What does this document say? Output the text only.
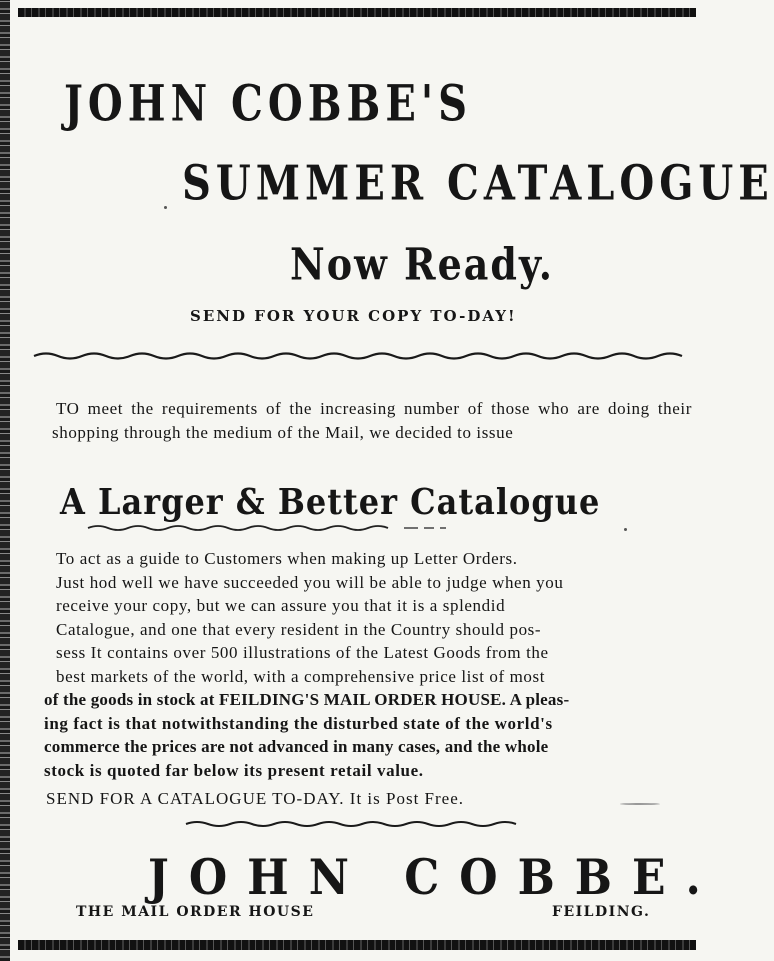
JOHN COBBE'S
SUMMER CATALOGUE
Now Ready.
SEND FOR YOUR COPY TO-DAY!
TO meet the requirements of the increasing number of those who are doing their shopping through the medium of the Mail, we decided to issue
A Larger & Better Catalogue
To act as a guide to Customers when making up Letter Orders.
Just hod well we have succeeded you will be able to judge when you
receive your copy, but we can assure you that it is a splendid
Catalogue, and one that every resident in the Country should pos-
sess It contains over 500 illustrations of the Latest Goods from the
best markets of the world, with a comprehensive price list of most
of the goods in stock at FEILDING'S MAIL ORDER HOUSE. A pleas-
ing fact is that notwithstanding the disturbed state of the world's
commerce the prices are not advanced in many cases, and the whole
stock is quoted far below its present retail value.
SEND FOR A CATALOGUE TO-DAY. It is Post Free.
JOHN COBBE.
THE MAIL ORDER HOUSE	FEILDING.
